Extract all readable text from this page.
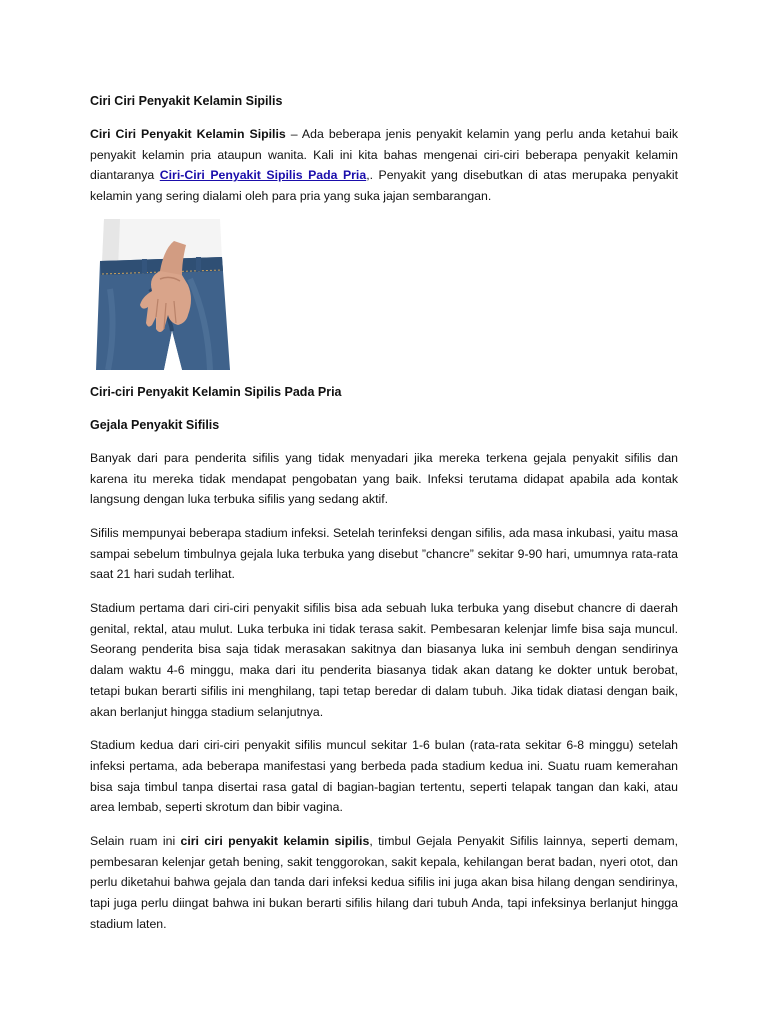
Ciri Ciri Penyakit Kelamin Sipilis

Ciri Ciri Penyakit Kelamin Sipilis – Ada beberapa jenis penyakit kelamin yang perlu anda ketahui baik penyakit kelamin pria ataupun wanita. Kali ini kita bahas mengenai ciri-ciri beberapa penyakit kelamin diantaranya Ciri-Ciri Penyakit Sipilis Pada Pria,. Penyakit yang disebutkan di atas merupaka penyakit kelamin yang sering dialami oleh para pria yang suka jajan sembarangan.

Ciri-ciri Penyakit Kelamin Sipilis Pada Pria

Gejala Penyakit Sifilis

Banyak dari para penderita sifilis yang tidak menyadari jika mereka terkena gejala penyakit sifilis dan karena itu mereka tidak mendapat pengobatan yang baik. Infeksi terutama didapat apabila ada kontak langsung dengan luka terbuka sifilis yang sedang aktif.

Sifilis mempunyai beberapa stadium infeksi. Setelah terinfeksi dengan sifilis, ada masa inkubasi, yaitu masa sampai sebelum timbulnya gejala luka terbuka yang disebut ”chancre” sekitar 9-90 hari, umumnya rata-rata saat 21 hari sudah terlihat.

Stadium pertama dari ciri-ciri penyakit sifilis bisa ada sebuah luka terbuka yang disebut chancre di daerah genital, rektal, atau mulut. Luka terbuka ini tidak terasa sakit. Pembesaran kelenjar limfe bisa saja muncul. Seorang penderita bisa saja tidak merasakan sakitnya dan biasanya luka ini sembuh dengan sendirinya dalam waktu 4-6 minggu, maka dari itu penderita biasanya tidak akan datang ke dokter untuk berobat, tetapi bukan berarti sifilis ini menghilang, tapi tetap beredar di dalam tubuh. Jika tidak diatasi dengan baik, akan berlanjut hingga stadium selanjutnya.

Stadium kedua dari ciri-ciri penyakit sifilis muncul sekitar 1-6 bulan (rata-rata sekitar 6-8 minggu) setelah infeksi pertama, ada beberapa manifestasi yang berbeda pada stadium kedua ini. Suatu ruam kemerahan bisa saja timbul tanpa disertai rasa gatal di bagian-bagian tertentu, seperti telapak tangan dan kaki, atau area lembab, seperti skrotum dan bibir vagina.

Selain ruam ini ciri ciri penyakit kelamin sipilis, timbul Gejala Penyakit Sifilis lainnya, seperti demam, pembesaran kelenjar getah bening, sakit tenggorokan, sakit kepala, kehilangan berat badan, nyeri otot, dan perlu diketahui bahwa gejala dan tanda dari infeksi kedua sifilis ini juga akan bisa hilang dengan sendirinya, tapi juga perlu diingat bahwa ini bukan berarti sifilis hilang dari tubuh Anda, tapi infeksinya berlanjut hingga stadium laten.
